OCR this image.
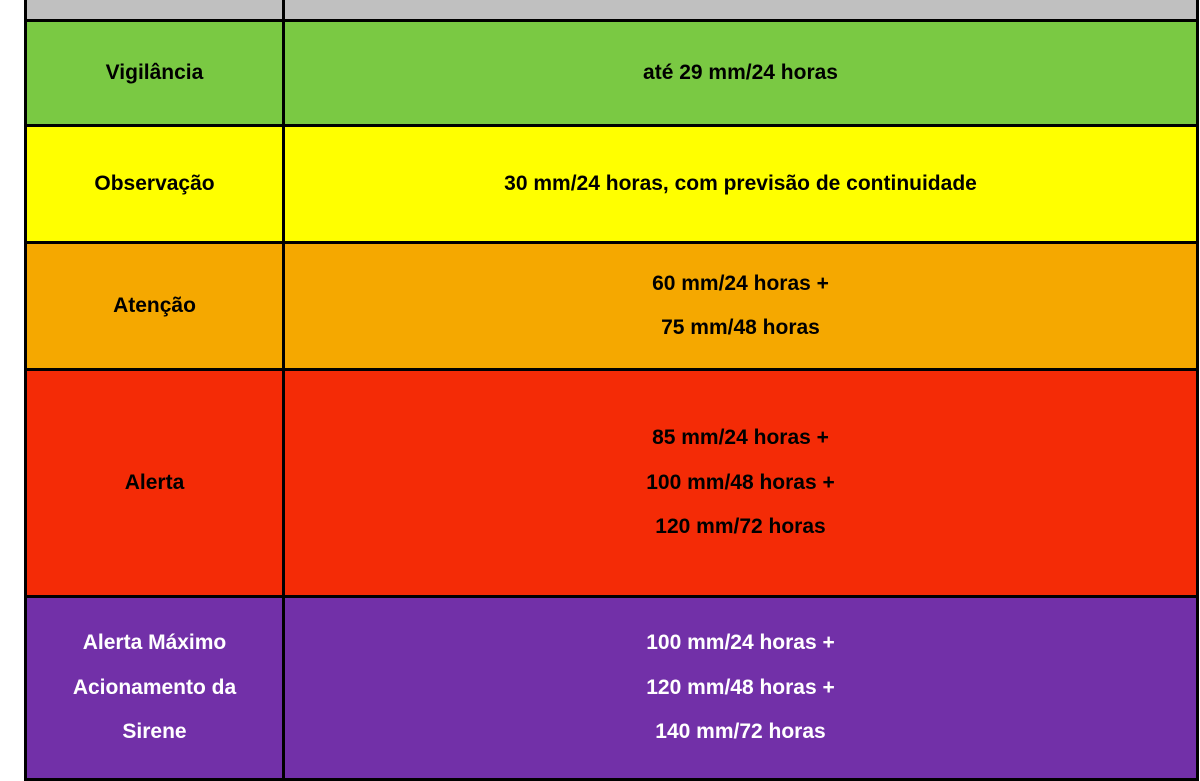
Vigilância	até 29 mm/24 horas

Observação	30 mm/24 horas, com previsão de continuidade

Atenção	60 mm/24 horas +
75 mm/48 horas

Alerta	85 mm/24 horas +
100 mm/48 horas +
120 mm/72 horas

Alerta Máximo
Acionamento da
Sirene	100 mm/24 horas +
120 mm/48 horas +
140 mm/72 horas
